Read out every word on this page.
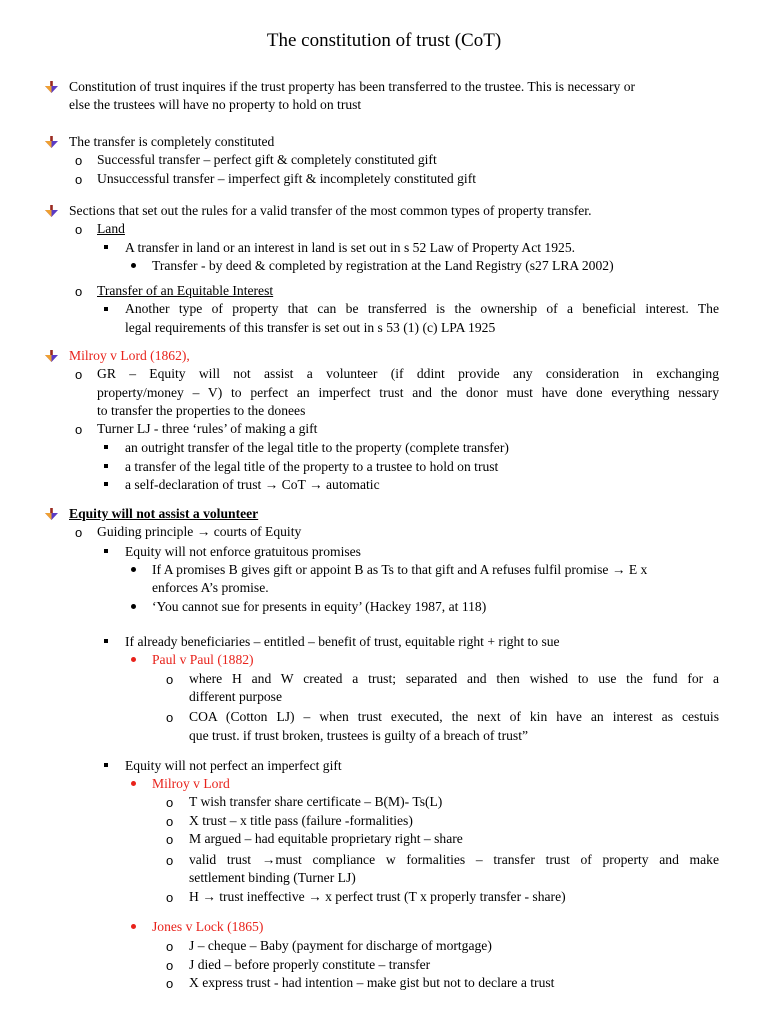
The constitution of trust (CoT)
Constitution of trust inquires if the trust property has been transferred to the trustee. This is necessary or
else the trustees will have no property to hold on trust
The transfer is completely constituted
o Successful transfer – perfect gift & completely constituted gift
o Unsuccessful transfer – imperfect gift & incompletely constituted gift
Sections that set out the rules for a valid transfer of the most common types of property transfer.
o Land
A transfer in land or an interest in land is set out in s 52 Law of Property Act 1925.
Transfer - by deed & completed by registration at the Land Registry (s27 LRA 2002)
o Transfer of an Equitable Interest
Another type of property that can be transferred is the ownership of a beneficial interest. The
legal requirements of this transfer is set out in s 53 (1) (c) LPA 1925
Milroy v Lord (1862),
o GR – Equity will not assist a volunteer (if ddint provide any consideration in exchanging
property/money – V) to perfect an imperfect trust and the donor must have done everything nessary
to transfer the properties to the donees
o Turner LJ - three ‘rules’ of making a gift
an outright transfer of the legal title to the property (complete transfer)
a transfer of the legal title of the property to a trustee to hold on trust
a self-declaration of trust → CoT → automatic
Equity will not assist a volunteer
o Guiding principle → courts of Equity
Equity will not enforce gratuitous promises
If A promises B gives gift or appoint B as Ts to that gift and A refuses fulfil promise → E x
enforces A’s promise.
‘You cannot sue for presents in equity’ (Hackey 1987, at 118)
If already beneficiaries – entitled – benefit of trust, equitable right + right to sue
Paul v Paul (1882)
o where H and W created a trust; separated and then wished to use the fund for a
different purpose
o COA (Cotton LJ) – when trust executed, the next of kin have an interest as cestuis
que trust. if trust broken, trustees is guilty of a breach of trust”
Equity will not perfect an imperfect gift
Milroy v Lord
o T wish transfer share certificate – B(M)- Ts(L)
o X trust – x title pass (failure -formalities)
o M argued – had equitable proprietary right – share
o valid trust →must compliance w formalities – transfer trust of property and make
settlement binding (Turner LJ)
o H → trust ineffective → x perfect trust (T x properly transfer - share)
Jones v Lock (1865)
o J – cheque – Baby (payment for discharge of mortgage)
o J died – before properly constitute – transfer
o X express trust - had intention – make gist but not to declare a trust
